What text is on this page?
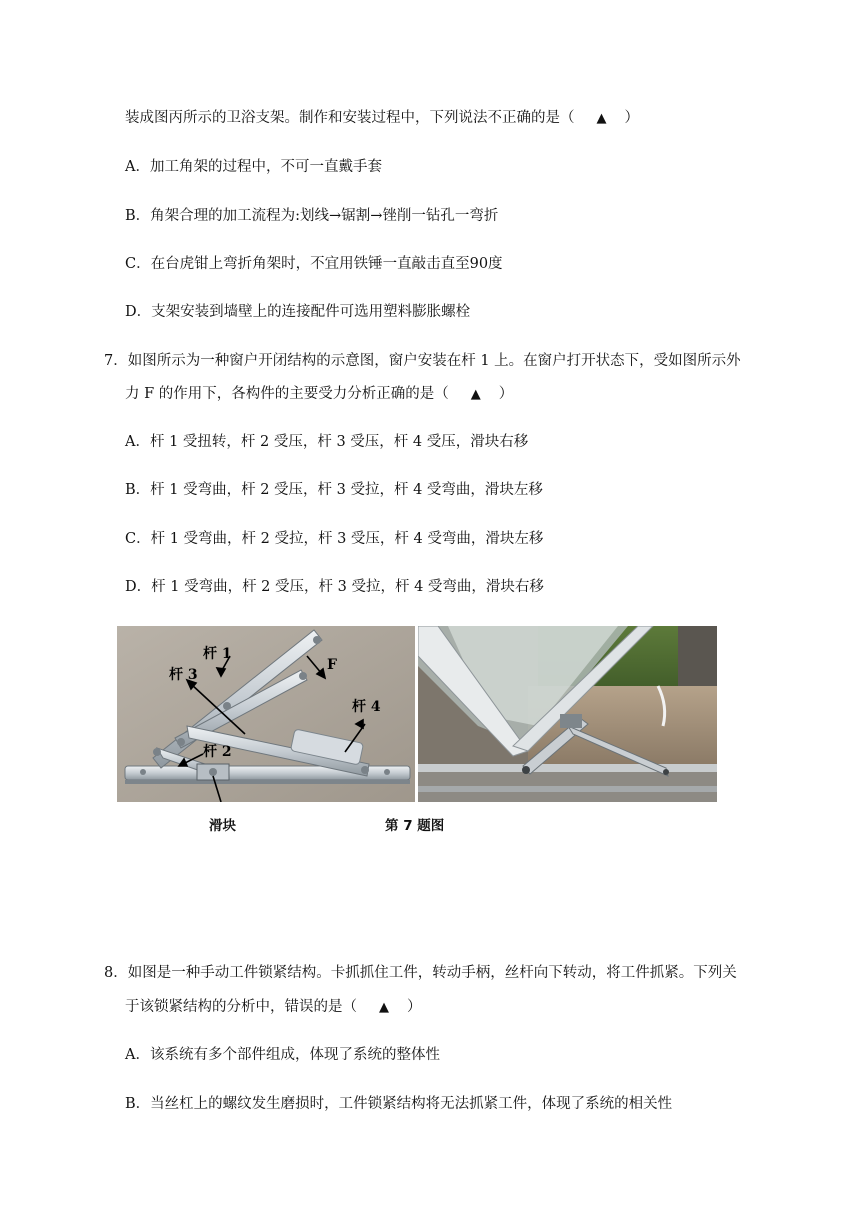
装成图丙所示的卫浴支架。制作和安装过程中，下列说法不正确的是（ ▲ ）
A．加工角架的过程中，不可一直戴手套
B．角架合理的加工流程为:划线→锯割→锉削一钻孔一弯折
C．在台虎钳上弯折角架时，不宜用铁锤一直敲击直至90度
D．支架安装到墙壁上的连接配件可选用塑料膨胀螺栓
7．如图所示为一种窗户开闭结构的示意图，窗户安装在杆 1 上。在窗户打开状态下，受如图所示外
力 F 的作用下，各构件的主要受力分析正确的是（ ▲ ）
A．杆 1 受扭转，杆 2 受压，杆 3 受压，杆 4 受压，滑块右移
B．杆 1 受弯曲，杆 2 受压，杆 3 受拉，杆 4 受弯曲，滑块左移
C．杆 1 受弯曲，杆 2 受拉，杆 3 受压，杆 4 受弯曲，滑块左移
D．杆 1 受弯曲，杆 2 受压，杆 3 受拉，杆 4 受弯曲，滑块右移
杆 1
F
杆 3
杆 4
杆 2
滑块	第 7 题图
8．如图是一种手动工件锁紧结构。卡抓抓住工件，转动手柄，丝杆向下转动，将工件抓紧。下列关
于该锁紧结构的分析中，错误的是（ ▲ ）
A．该系统有多个部件组成，体现了系统的整体性
B．当丝杠上的螺纹发生磨损时，工件锁紧结构将无法抓紧工件，体现了系统的相关性
